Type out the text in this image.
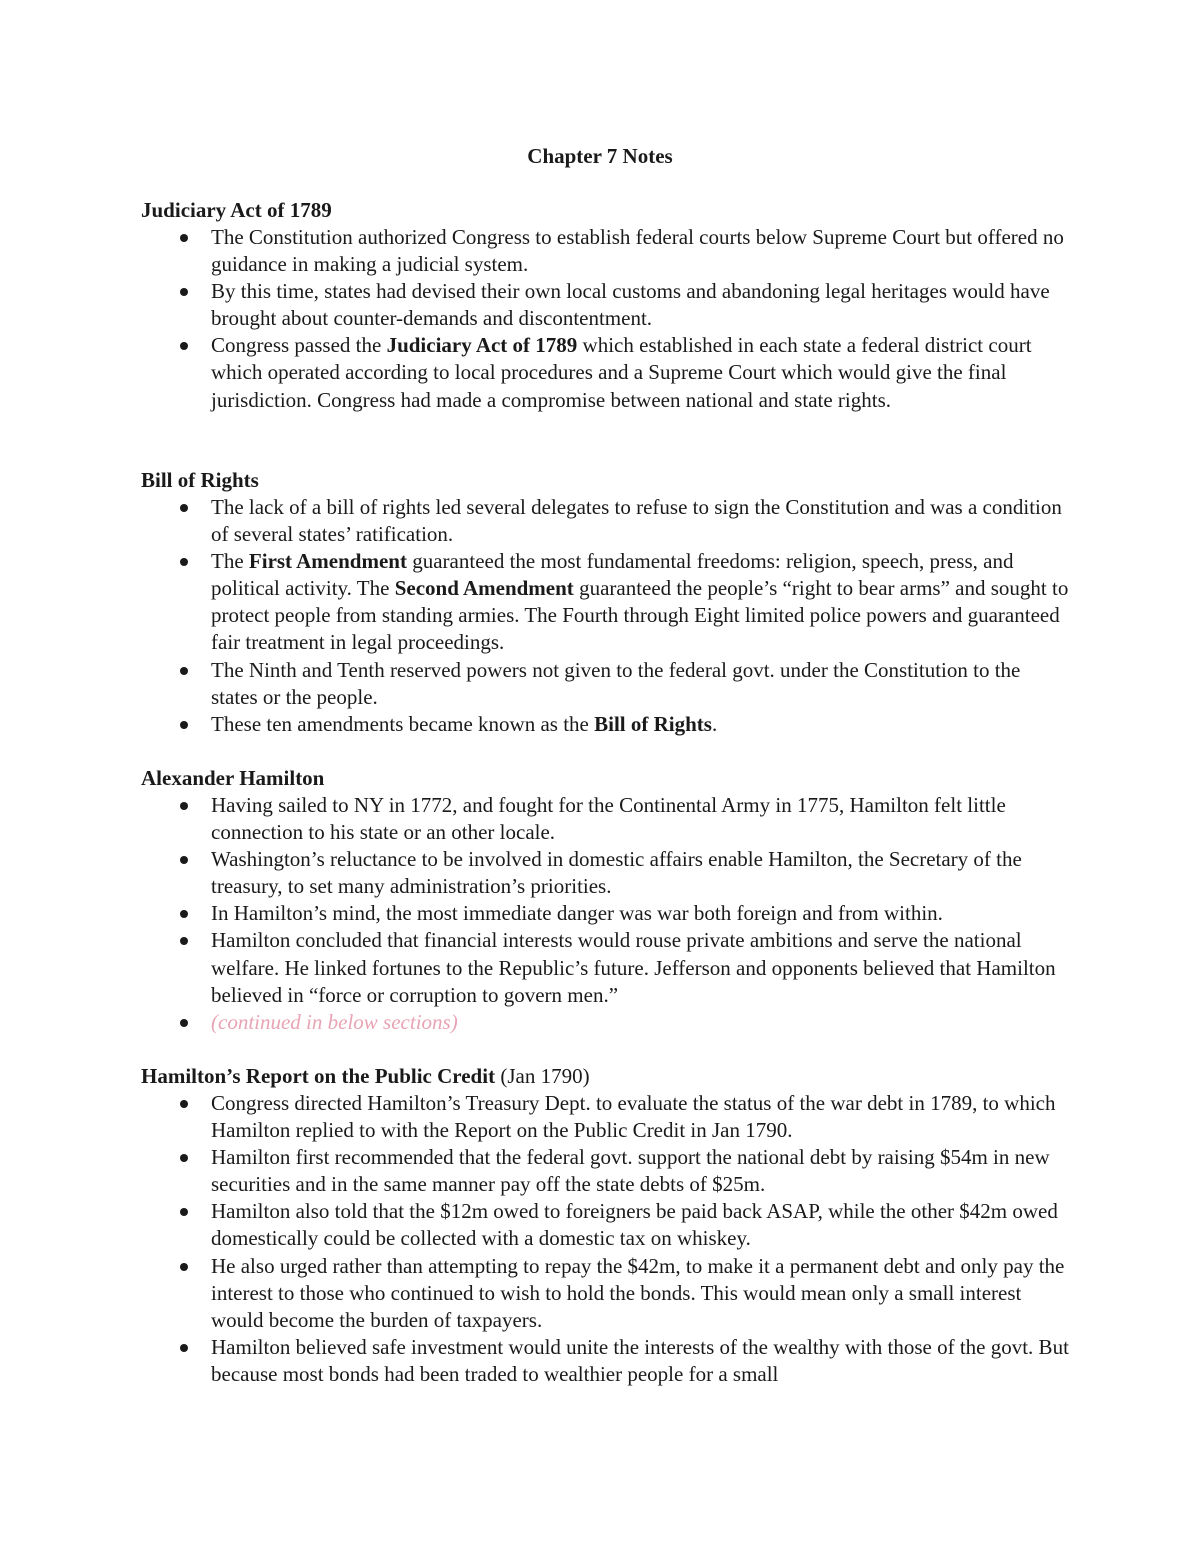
Chapter 7 Notes
Judiciary Act of 1789
The Constitution authorized Congress to establish federal courts below Supreme Court but offered no guidance in making a judicial system.
By this time, states had devised their own local customs and abandoning legal heritages would have brought about counter-demands and discontentment.
Congress passed the Judiciary Act of 1789 which established in each state a federal district court which operated according to local procedures and a Supreme Court which would give the final jurisdiction. Congress had made a compromise between national and state rights.
Bill of Rights
The lack of a bill of rights led several delegates to refuse to sign the Constitution and was a condition of several states’ ratification.
The First Amendment guaranteed the most fundamental freedoms: religion, speech, press, and political activity. The Second Amendment guaranteed the people’s “right to bear arms” and sought to protect people from standing armies. The Fourth through Eight limited police powers and guaranteed fair treatment in legal proceedings.
The Ninth and Tenth reserved powers not given to the federal govt. under the Constitution to the states or the people.
These ten amendments became known as the Bill of Rights.
Alexander Hamilton
Having sailed to NY in 1772, and fought for the Continental Army in 1775, Hamilton felt little connection to his state or an other locale.
Washington’s reluctance to be involved in domestic affairs enable Hamilton, the Secretary of the treasury, to set many administration’s priorities.
In Hamilton’s mind, the most immediate danger was war both foreign and from within.
Hamilton concluded that financial interests would rouse private ambitions and serve the national welfare. He linked fortunes to the Republic’s future. Jefferson and opponents believed that Hamilton believed in “force or corruption to govern men.”
(continued in below sections)
Hamilton’s Report on the Public Credit (Jan 1790)
Congress directed Hamilton’s Treasury Dept. to evaluate the status of the war debt in 1789, to which Hamilton replied to with the Report on the Public Credit in Jan 1790.
Hamilton first recommended that the federal govt. support the national debt by raising $54m in new securities and in the same manner pay off the state debts of $25m.
Hamilton also told that the $12m owed to foreigners be paid back ASAP, while the other $42m owed domestically could be collected with a domestic tax on whiskey.
He also urged rather than attempting to repay the $42m, to make it a permanent debt and only pay the interest to those who continued to wish to hold the bonds. This would mean only a small interest would become the burden of taxpayers.
Hamilton believed safe investment would unite the interests of the wealthy with those of the govt. But because most bonds had been traded to wealthier people for a small
